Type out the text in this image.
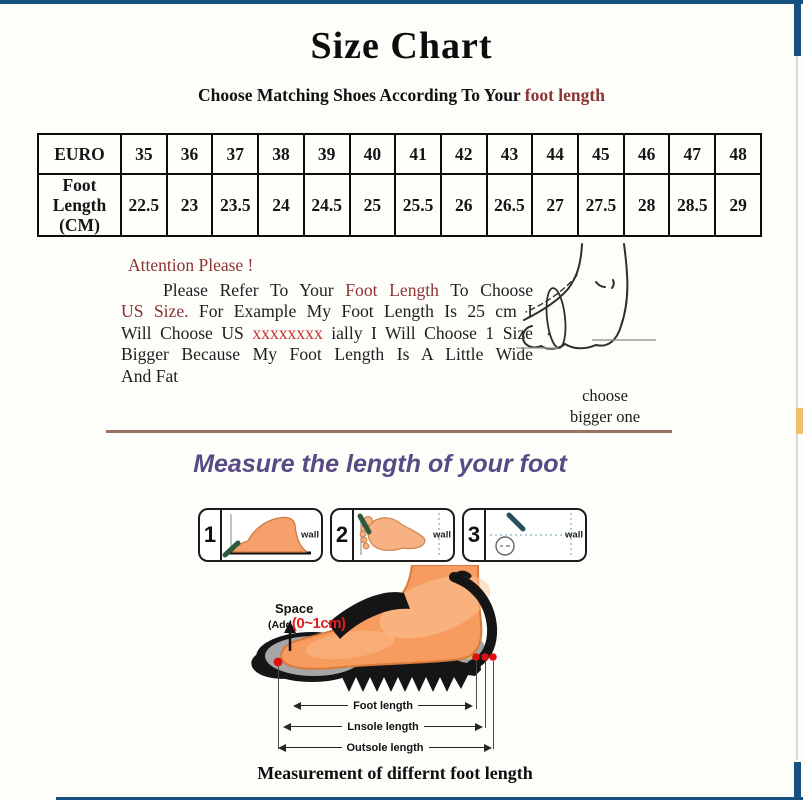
Size Chart
Choose Matching Shoes According To Your foot length
EURO	35	36	37	38	39	40	41	42	43	44	45	46	47	48

Foot
Length
(CM)	22.5	23	23.5	24	24.5	25	25.5	26	26.5	27	27.5	28	28.5	29
Attention Please !
Please Refer To Your Foot Length To Choose
US Size. For Example My Foot Length Is 25 cm I
Will Choose US xxxxxxxx ially I Will Choose 1 Size
Bigger Because My Foot Length Is A Little Wide
And Fat
choose
bigger one
Measure the length of your foot
1	wall 2	wall 3	wall
Space
(Add(0~1cm)
Foot length
Lnsole length
Outsole length
Measurement of differnt foot length
